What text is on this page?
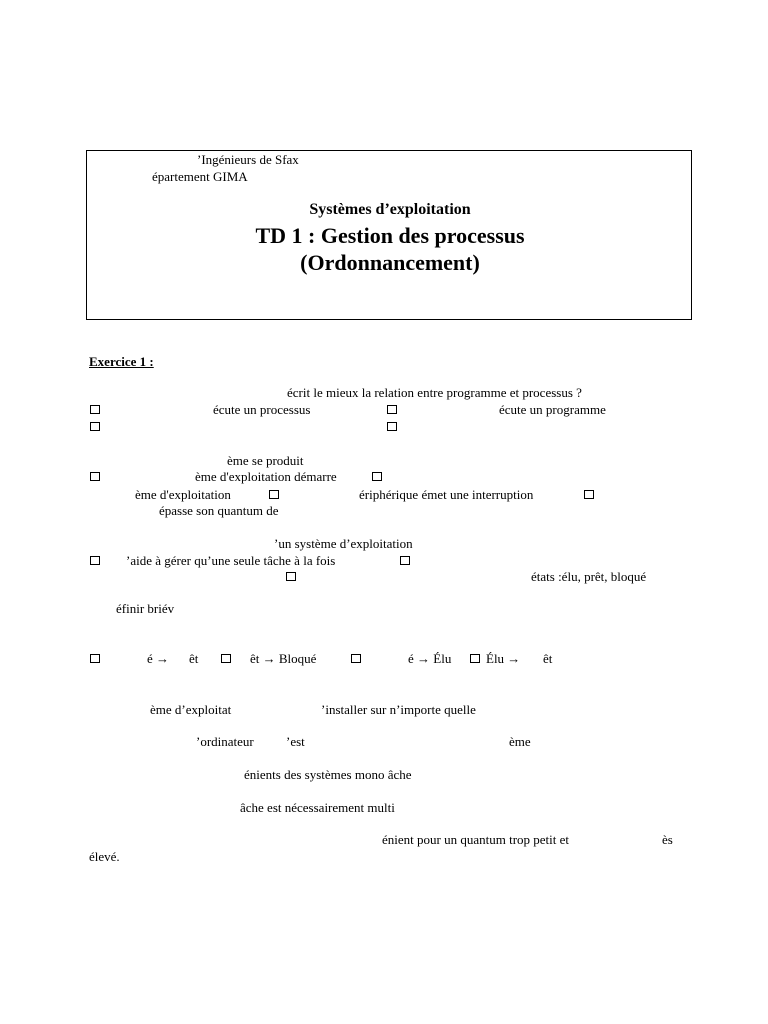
’Ingénieurs de Sfax
épartement GIMA
Systèmes d’exploitation
TD 1 : Gestion des processus
(Ordonnancement)
Exercice 1 :
écrit le mieux la relation entre programme et processus ?
écute un processus	écute un programme
ème se produit
ème d'exploitation démarre
ème d'exploitation	ériphérique émet une interruption
épasse son quantum de
’un système d’exploitation
’aide à gérer qu’une seule tâche à la fois
états :élu, prêt, bloqué
éfinir briév
é → êt	êt → Bloqué	é → Élu	Élu → êt
ème d’exploitat	’installer sur n’importe quelle
’ordinateur ’est	ème
énients des systèmes mono âche
âche est nécessairement multi
énient pour un quantum trop petit et	ès
élevé.
